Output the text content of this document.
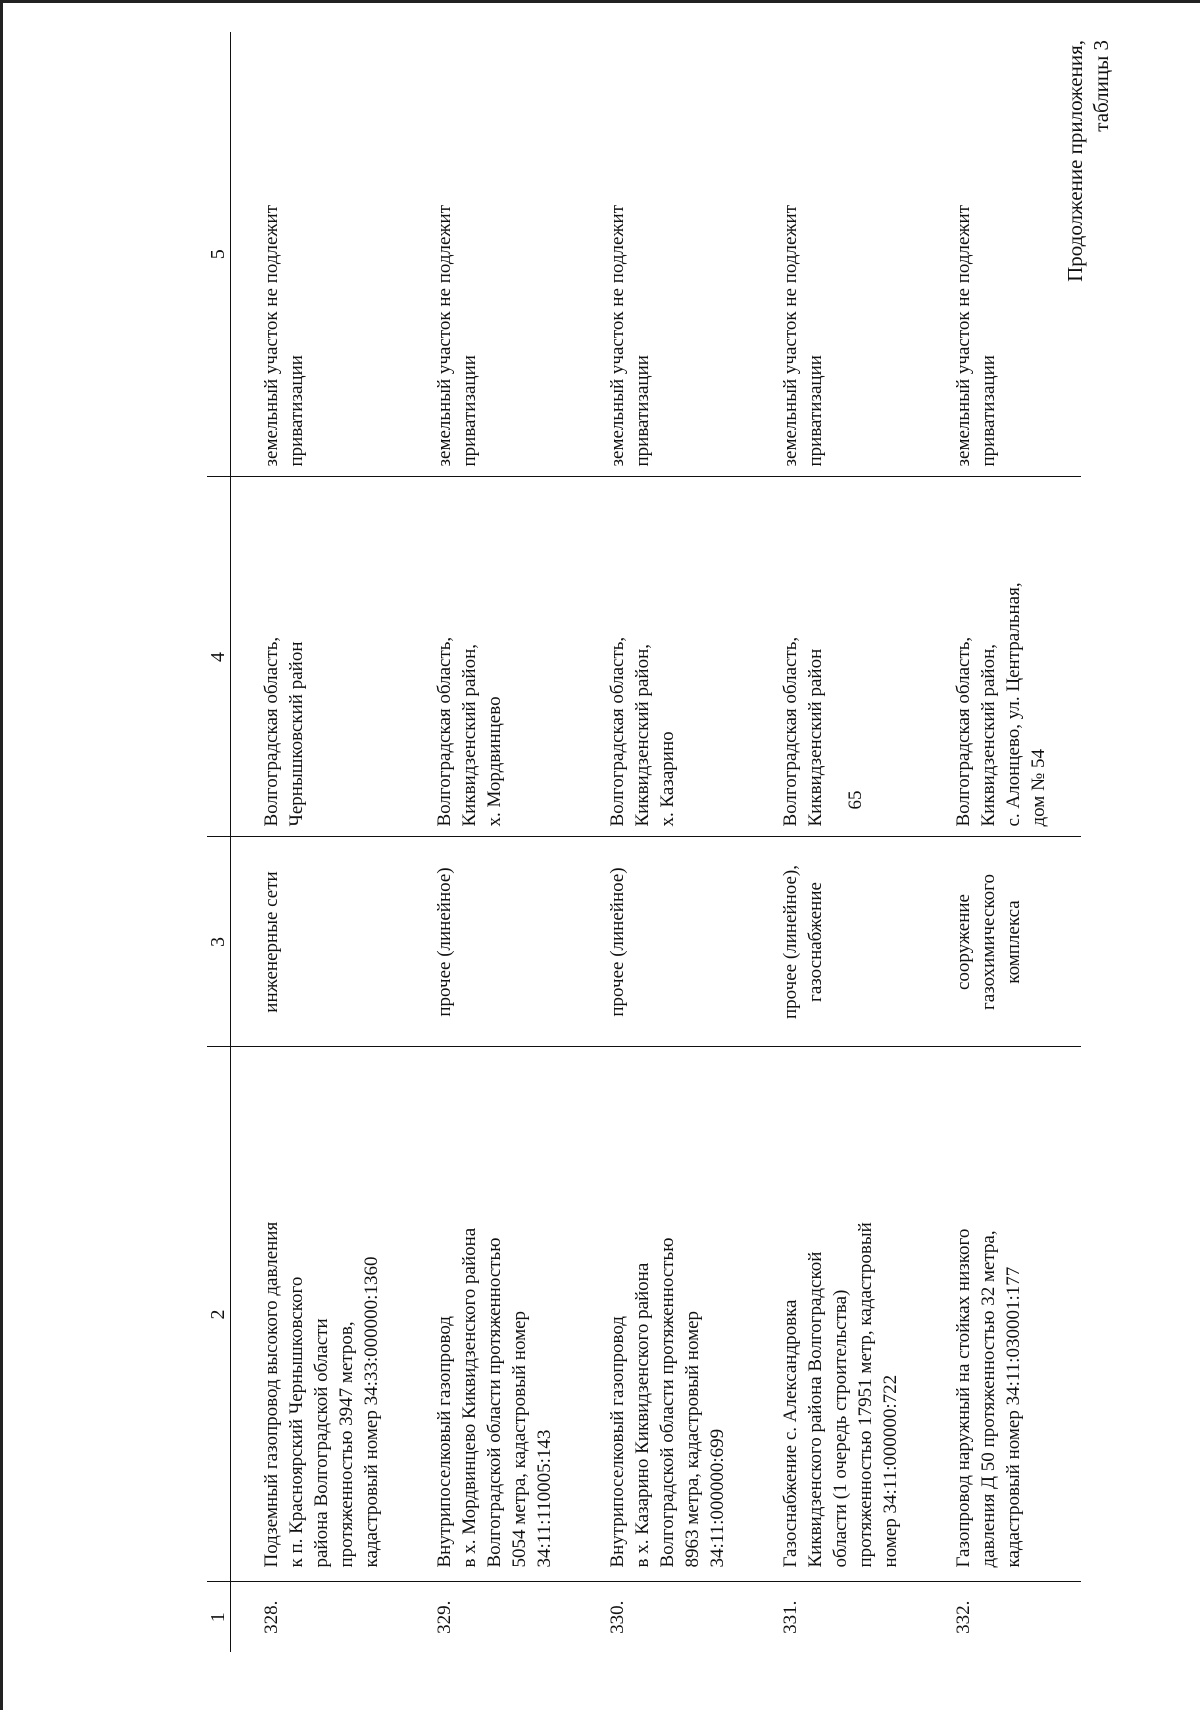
65
Продолжение приложения, таблицы 3
1	2	3	4	5
328.	Подземный газопровод высокого давления к п. Краснoярский Чернышковского района Волгоградской области протяженностью 3947 метров, кадастровый номер 34:33:000000:1360	инженерные сети	Волгоградская область, Чернышковский район	земельный участок не подлежит приватизации

329.	Внутрипоселковый газопровод в х. Мордвинцево Киквидзенского района Волгоградской области протяженностью 5054 метра, кадастровый номер 34:11:110005:143	прочее (линейное)	Волгоградская область, Киквидзенский район, х. Мордвинцево	земельный участок не подлежит приватизации

330.	Внутрипоселковый газопровод в х. Казарино Киквидзенского района Волгоградской области протяженностью 8963 метра, кадастровый номер 34:11:000000:699	прочее (линейное)	Волгоградская область, Киквидзенский район, х. Казарино	земельный участок не подлежит приватизации

331.	Газоснабжение с. Александровка Киквидзенского района Волгоградской области (1 очередь строительства) протяженностью 17951 метр, кадастровый номер 34:11:000000:722	прочее (линейное), газоснабжение	Волгоградская область, Киквидзенский район	земельный участок не подлежит приватизации

332.	Газопровод наружный на стойках низкого давления Д 50 протяженностью 32 метра, кадастровый номер 34:11:030001:177	сооружение газохимического комплекса	Волгоградская область, Киквидзенский район, с. Алонцево, ул. Центральная, дом № 54	земельный участок не подлежит приватизации
